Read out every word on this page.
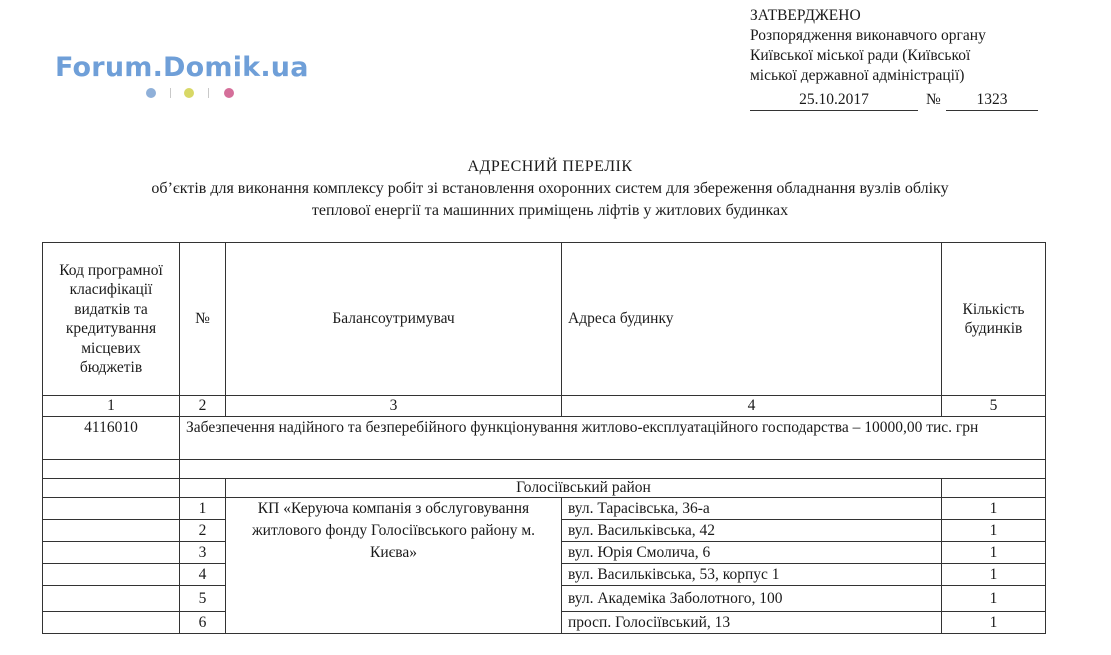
Forum.Domik.ua
ЗАТВЕРДЖЕНО
Розпорядження виконавчого органу
Київської міської ради (Київської
міської державної адміністрації)
25.10.2017	№	1323
АДРЕСНИЙ ПЕРЕЛІК
об’єктів для виконання комплексу робіт зі встановлення охоронних систем для збереження обладнання вузлів обліку
теплової енергії та машинних приміщень ліфтів у житлових будинках
Код програмної класифікації видатків та кредитування місцевих бюджетів	№	Балансоутримувач	Адреса будинку	Кількість будинків
1	2	3	4	5
4116010	Забезпечення надійного та безперебійного функціонування житлово-експлуатаційного господарства – 10000,00 тис. грн			

		Голосіївський район		
	1	КП «Керуюча компанія з обслуговування житлового фонду Голосіївського району м. Києва»	вул. Тарасівська, 36-а	1
	2		вул. Васильківська, 42	1
	3		вул. Юрія Смолича, 6	1
	4		вул. Васильківська, 53, корпус 1	1
	5		вул. Академіка Заболотного, 100	1
	6		просп. Голосіївський, 13	1
